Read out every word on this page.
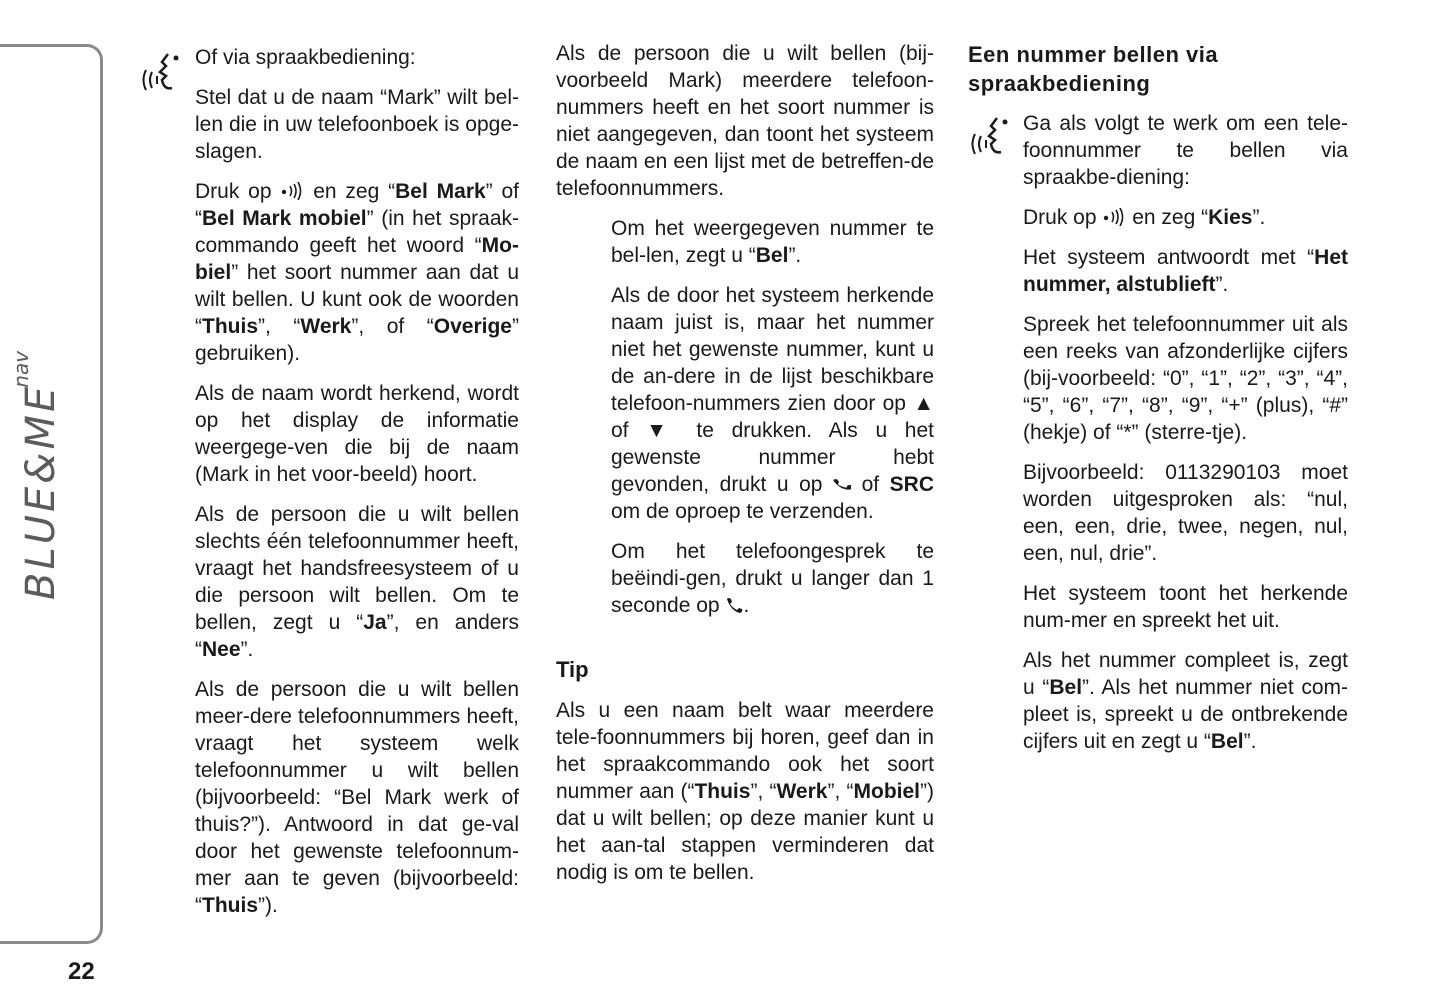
BLUE&MEnav
22

Of via spraakbediening:

Stel dat u de naam “Mark” wilt bel-len die in uw telefoonboek is opge-slagen.

Druk op  en zeg “Bel Mark” of “Bel Mark mobiel” (in het spraak-commando geeft het woord “Mo-biel” het soort nummer aan dat u wilt bellen. U kunt ook de woorden “Thuis”, “Werk”, of “Overige” gebruiken).

Als de naam wordt herkend, wordt op het display de informatie weergege-ven die bij de naam (Mark in het voor-beeld) hoort.

Als de persoon die u wilt bellen slechts één telefoonnummer heeft, vraagt het handsfreesysteem of u die persoon wilt bellen. Om te bellen, zegt u “Ja”, en anders “Nee”.

Als de persoon die u wilt bellen meer-dere telefoonnummers heeft, vraagt het systeem welk telefoonnummer u wilt bellen (bijvoorbeeld: “Bel Mark werk of thuis?”). Antwoord in dat ge-val door het gewenste telefoonnum-mer aan te geven (bijvoorbeeld: “Thuis”).

Als de persoon die u wilt bellen (bij-voorbeeld Mark) meerdere telefoon-nummers heeft en het soort nummer is niet aangegeven, dan toont het systeem de naam en een lijst met de betreffen-de telefoonnummers.

Om het weergegeven nummer te bel-len, zegt u “Bel”.

Als de door het systeem herkende naam juist is, maar het nummer niet het gewenste nummer, kunt u de an-dere in de lijst beschikbare telefoon-nummers zien door op ▲ of ▼ te drukken. Als u het gewenste nummer hebt gevonden, drukt u op  of SRC om de oproep te verzenden.

Om het telefoongesprek te beëindi-gen, drukt u langer dan 1 seconde op .

Tip

Als u een naam belt waar meerdere tele-foonnummers bij horen, geef dan in het spraakcommando ook het soort nummer aan (“Thuis”, “Werk”, “Mobiel”) dat u wilt bellen; op deze manier kunt u het aan-tal stappen verminderen dat nodig is om te bellen.

Een nummer bellen via spraakbediening

Ga als volgt te werk om een tele-foonnummer te bellen via spraakbe-diening:

Druk op  en zeg “Kies”.

Het systeem antwoordt met “Het nummer, alstublieft”.

Spreek het telefoonnummer uit als een reeks van afzonderlijke cijfers (bij-voorbeeld: “0”, “1”, “2”, “3”, “4”, “5”, “6”, “7”, “8”, “9”, “+” (plus), “#” (hekje) of “*” (sterre-tje).

Bijvoorbeeld: 0113290103 moet worden uitgesproken als: “nul, een, een, drie, twee, negen, nul, een, nul, drie”.

Het systeem toont het herkende num-mer en spreekt het uit.

Als het nummer compleet is, zegt u “Bel”. Als het nummer niet com-pleet is, spreekt u de ontbrekende cijfers uit en zegt u “Bel”.
